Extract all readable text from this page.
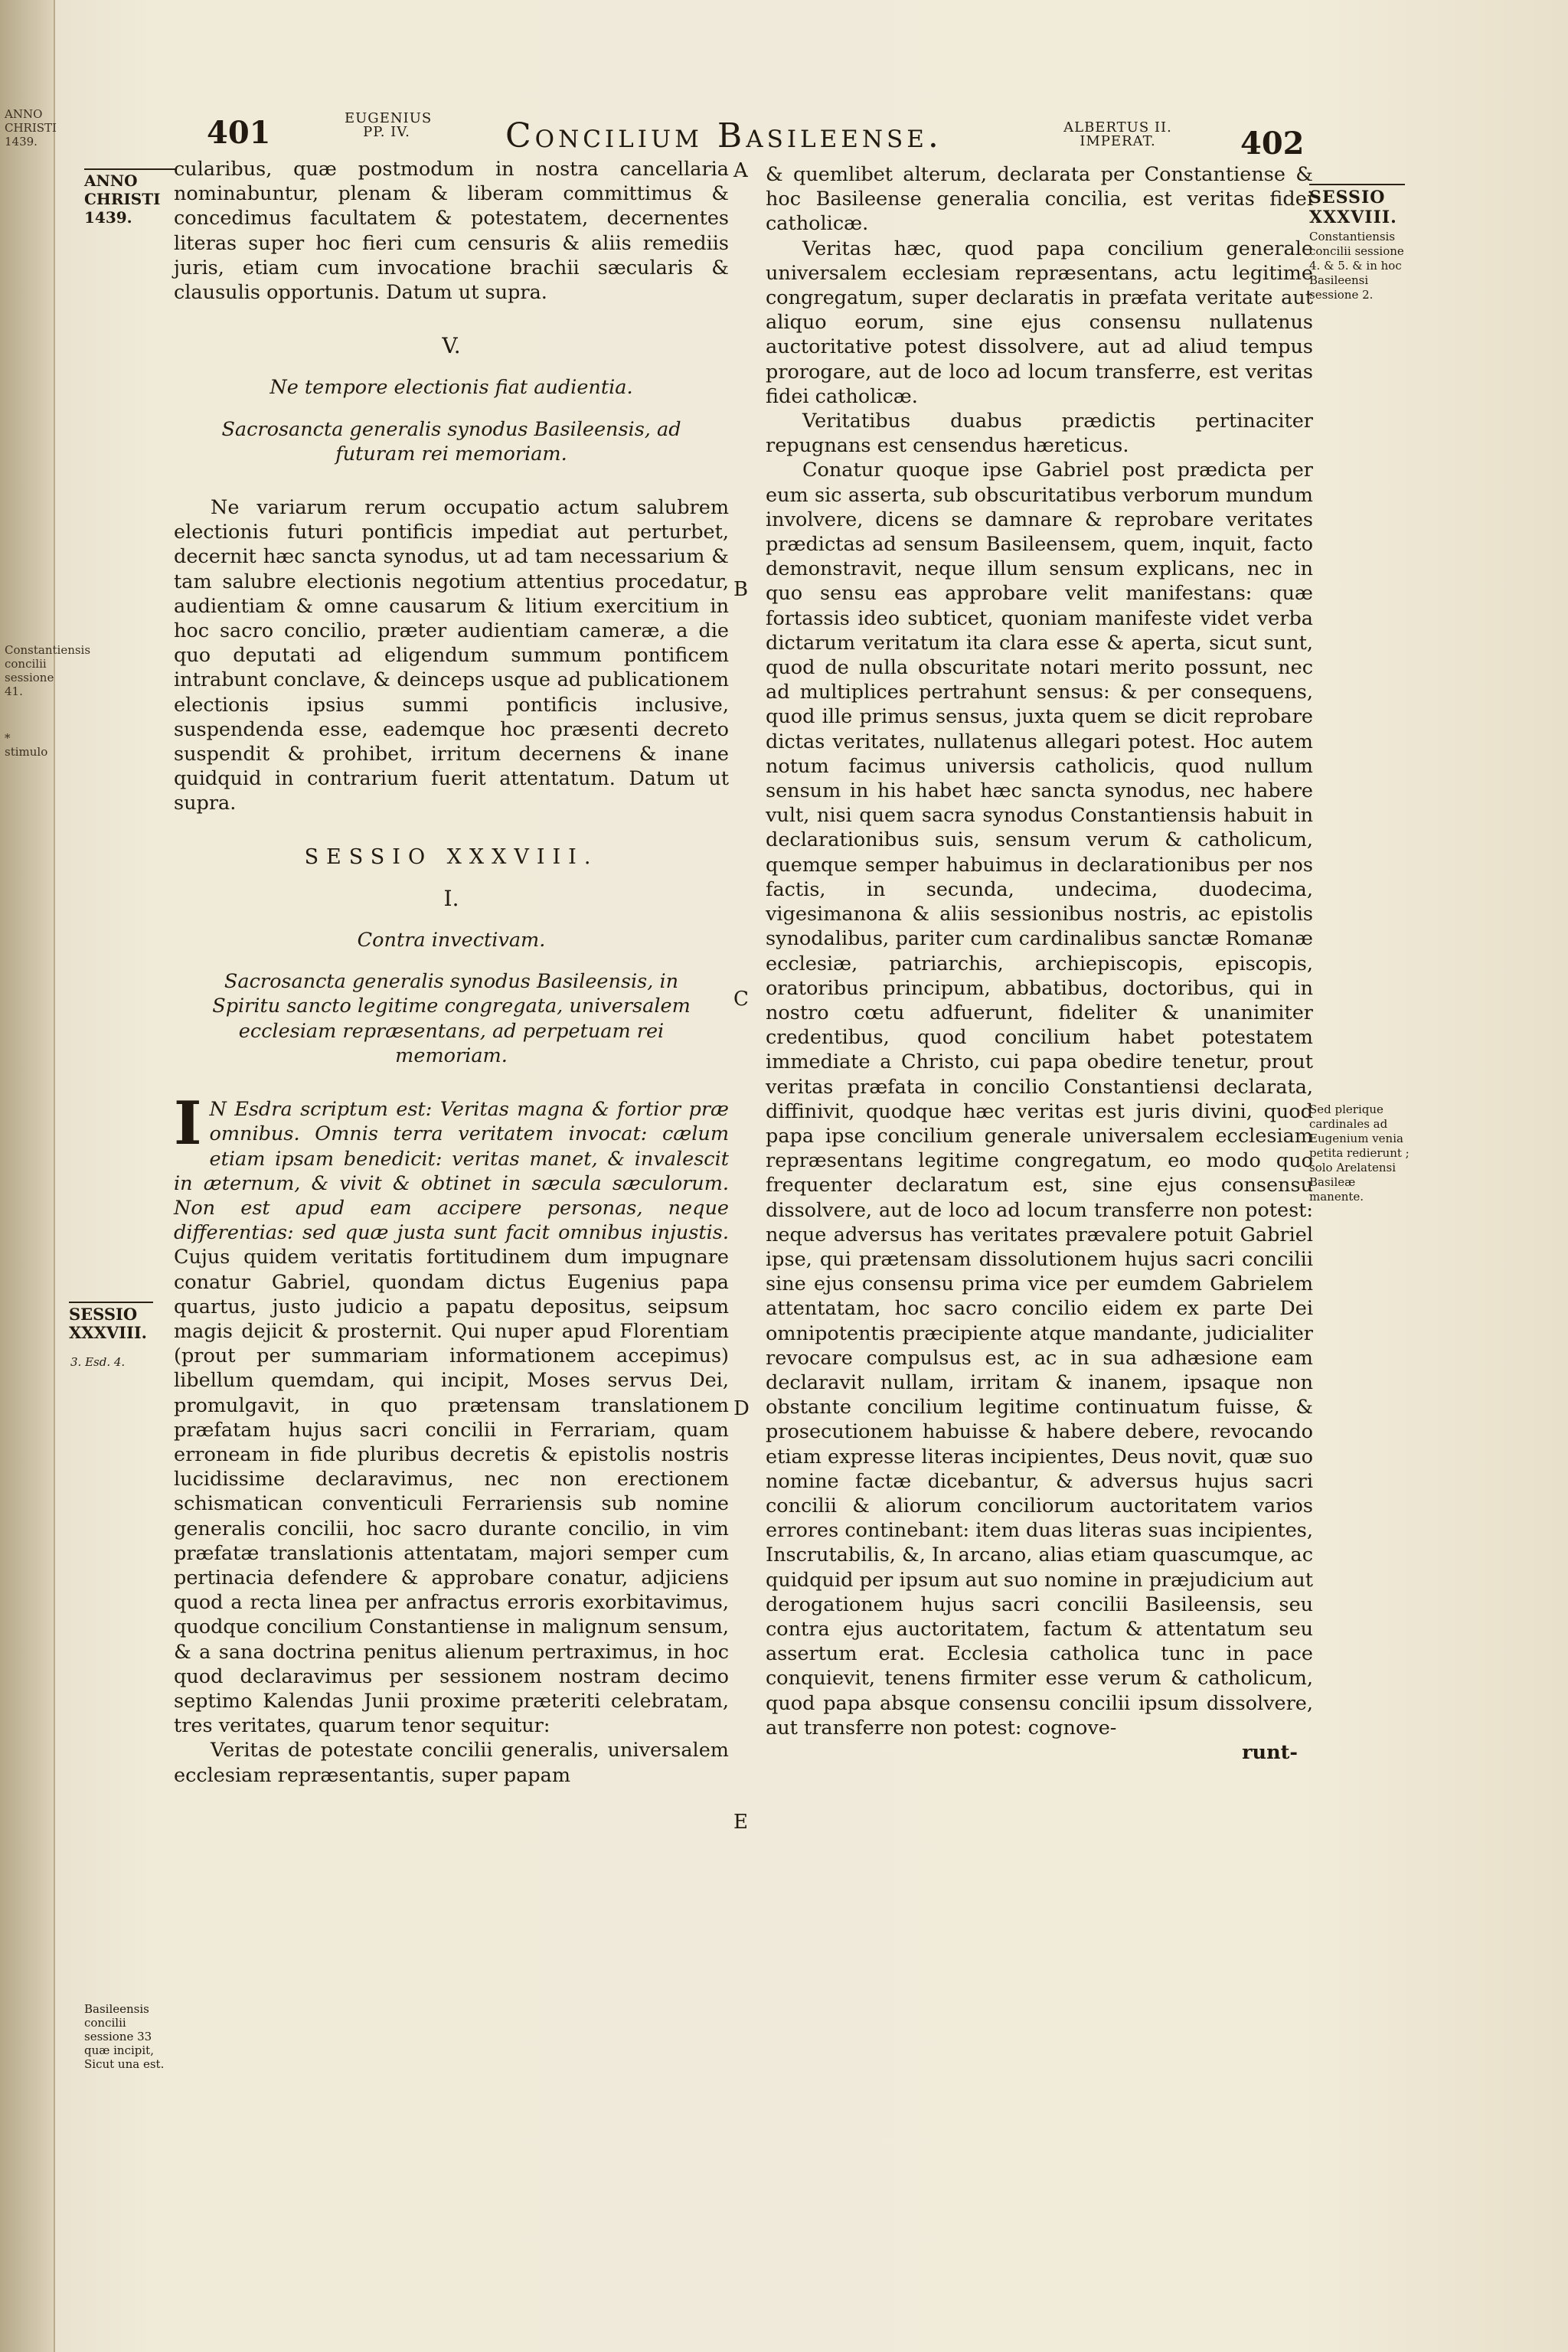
ANNO CHRISTI 1439.
Constantiensis concilii sessione 41.
* stimulo
401	EUGENIUS PP. IV.	Concilium Basileense.	ALBERTUS II. IMPERAT.	402
ANNO CHRISTI 1439.
SESSIO XXXVIII.
3. Esd. 4.
Basileensis concilii sessione 33 quæ incipit, Sicut una est.
A
B
C
D
E

cularibus, quæ postmodum in nostra cancellaria nominabuntur, plenam & liberam committimus & concedimus facultatem & potestatem, decernentes literas super hoc fieri cum censuris & aliis remediis juris, etiam cum invocatione brachii sæcularis & clausulis opportunis. Datum ut supra.

V.

Ne tempore electionis fiat audientia.

Sacrosancta generalis synodus Basileensis, ad futuram rei memoriam.

Ne variarum rerum occupatio actum salubrem electionis futuri pontificis impediat aut perturbet, decernit hæc sancta synodus, ut ad tam necessarium & tam salubre electionis negotium attentius procedatur, audientiam & omne causarum & litium exercitium in hoc sacro concilio, præter audientiam cameræ, a die quo deputati ad eligendum summum pontificem intrabunt conclave, & deinceps usque ad publicationem electionis ipsius summi pontificis inclusive, suspendenda esse, eademque hoc præsenti decreto suspendit & prohibet, irritum decernens & inane quidquid in contrarium fuerit attentatum. Datum ut supra.

SESSIO XXXVIII.

I.

Contra invectivam.

Sacrosancta generalis synodus Basileensis, in Spiritu sancto legitime congregata, universalem ecclesiam repræsentans, ad perpetuam rei memoriam.

I N Esdra scriptum est: Veritas magna & fortior præ omnibus. Omnis terra veritatem invocat: cælum etiam ipsam benedicit: veritas manet, & invalescit in æternum, & vivit & obtinet in sæcula sæculorum. Non est apud eam accipere personas, neque differentias: sed quæ justa sunt facit omnibus injustis. Cujus quidem veritatis fortitudinem dum impugnare conatur Gabriel, quondam dictus Eugenius papa quartus, justo judicio a papatu depositus, seipsum magis dejicit & prosternit. Qui nuper apud Florentiam (prout per summariam informationem accepimus) libellum quemdam, qui incipit, Moses servus Dei, promulgavit, in quo prætensam translationem præfatam hujus sacri concilii in Ferrariam, quam erroneam in fide pluribus decretis & epistolis nostris lucidissime declaravimus, nec non erectionem schismatican conventiculi Ferrariensis sub nomine generalis concilii, hoc sacro durante concilio, in vim præfatæ translationis attentatam, majori semper cum pertinacia defendere & approbare conatur, adjiciens quod a recta linea per anfractus erroris exorbitavimus, quodque concilium Constantiense in malignum sensum, & a sana doctrina penitus alienum pertraximus, in hoc quod declaravimus per sessionem nostram decimo septimo Kalendas Junii proxime præteriti celebratam, tres veritates, quarum tenor sequitur:

Veritas de potestate concilii generalis, universalem ecclesiam repræsentantis, super papam

& quemlibet alterum, declarata per Constantiense & hoc Basileense generalia concilia, est veritas fidei catholicæ.

Veritas hæc, quod papa concilium generale universalem ecclesiam repræsentans, actu legitime congregatum, super declaratis in præfata veritate aut aliquo eorum, sine ejus consensu nullatenus auctoritative potest dissolvere, aut ad aliud tempus prorogare, aut de loco ad locum transferre, est veritas fidei catholicæ.

Veritatibus duabus prædictis pertinaciter repugnans est censendus hæreticus.

Conatur quoque ipse Gabriel post prædicta per eum sic asserta, sub obscuritatibus verborum mundum involvere, dicens se damnare & reprobare veritates prædictas ad sensum Basileensem, quem, inquit, facto demonstravit, neque illum sensum explicans, nec in quo sensu eas approbare velit manifestans: quæ fortassis ideo subticet, quoniam manifeste videt verba dictarum veritatum ita clara esse & aperta, sicut sunt, quod de nulla obscuritate notari merito possunt, nec ad multiplices pertrahunt sensus: & per consequens, quod ille primus sensus, juxta quem se dicit reprobare dictas veritates, nullatenus allegari potest. Hoc autem notum facimus universis catholicis, quod nullum sensum in his habet hæc sancta synodus, nec habere vult, nisi quem sacra synodus Constantiensis habuit in declarationibus suis, sensum verum & catholicum, quemque semper habuimus in declarationibus per nos factis, in secunda, undecima, duodecima, vigesimanona & aliis sessionibus nostris, ac epistolis synodalibus, pariter cum cardinalibus sanctæ Romanæ ecclesiæ, patriarchis, archiepiscopis, episcopis, oratoribus principum, abbatibus, doctoribus, qui in nostro cœtu adfuerunt, fideliter & unanimiter credentibus, quod concilium habet potestatem immediate a Christo, cui papa obedire tenetur, prout veritas præfata in concilio Constantiensi declarata, diffinivit, quodque hæc veritas est juris divini, quod papa ipse concilium generale universalem ecclesiam repræsentans legitime congregatum, eo modo quo frequenter declaratum est, sine ejus consensu dissolvere, aut de loco ad locum transferre non potest: neque adversus has veritates prævalere potuit Gabriel ipse, qui prætensam dissolutionem hujus sacri concilii sine ejus consensu prima vice per eumdem Gabrielem attentatam, hoc sacro concilio eidem ex parte Dei omnipotentis præcipiente atque mandante, judicialiter revocare compulsus est, ac in sua adhæsione eam declaravit nullam, irritam & inanem, ipsaque non obstante concilium legitime continuatum fuisse, & prosecutionem habuisse & habere debere, revocando etiam expresse literas incipientes, Deus novit, quæ suo nomine factæ dicebantur, & adversus hujus sacri concilii & aliorum conciliorum auctoritatem varios errores continebant: item duas literas suas incipientes, Inscrutabilis, &, In arcano, alias etiam quascumque, ac quidquid per ipsum aut suo nomine in præjudicium aut derogationem hujus sacri concilii Basileensis, seu contra ejus auctoritatem, factum & attentatum seu assertum erat. Ecclesia catholica tunc in pace conquievit, tenens firmiter esse verum & catholicum, quod papa absque consensu concilii ipsum dissolvere, aut transferre non potest: cognove-

runt-

SESSIO XXXVIII.
Constantiensis concilii sessione 4. & 5. & in hoc Basileensi sessione 2.
Sed plerique cardinales ad Eugenium venia petita redierunt ; solo Arelatensi Basileæ manente.
